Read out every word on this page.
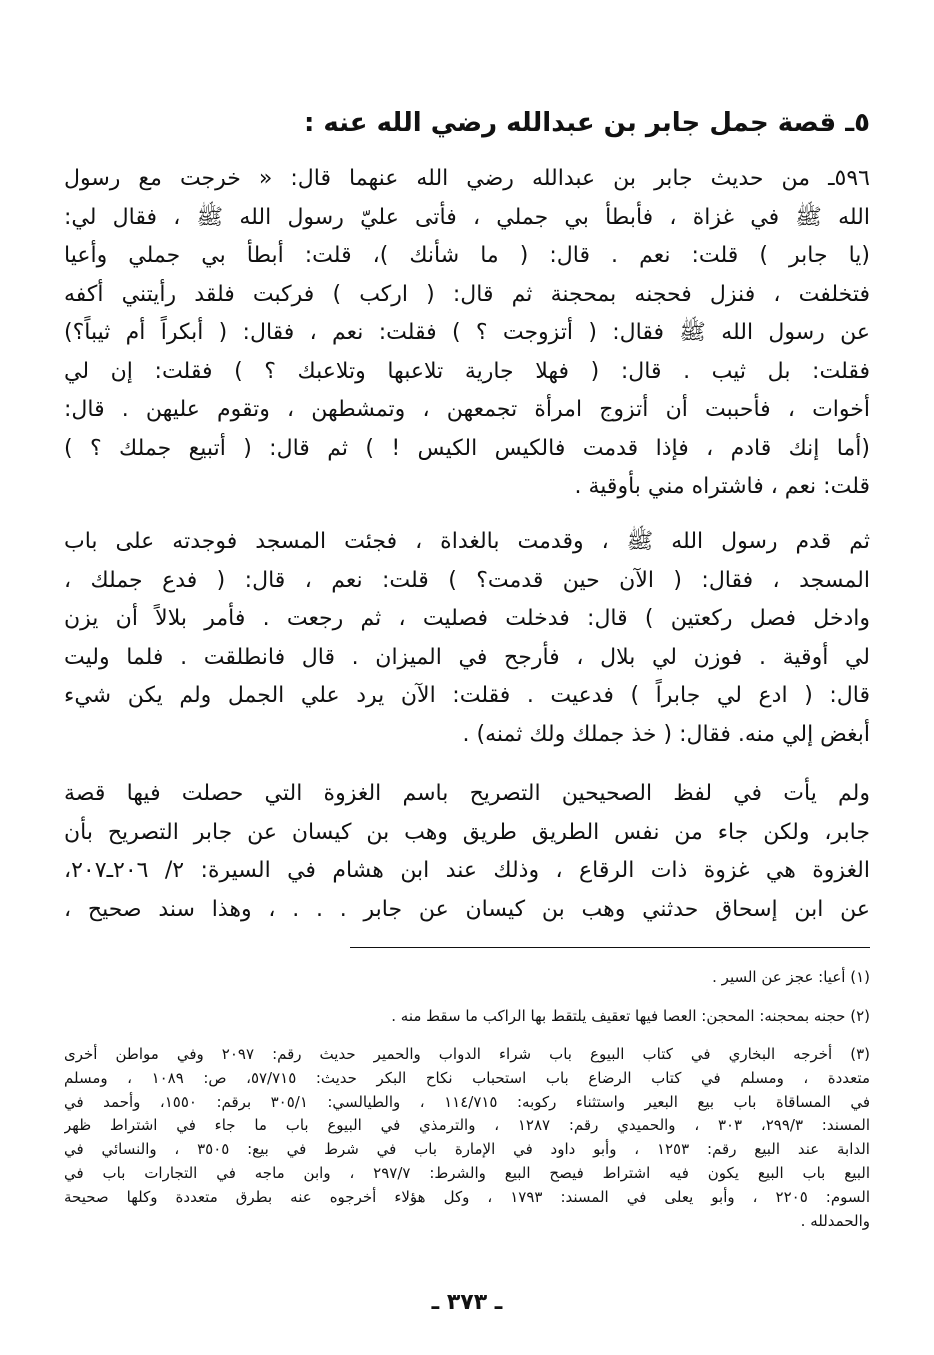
٥ـ قصة جمل جابر بن عبدالله رضي الله عنه :
٥٩٦ـ من حديث جابر بن عبدالله رضي الله عنهما قال: « خرجت مع رسول
الله ﷺ في غزاة ، فأبطأ بي جملي ، فأتى عليّ رسول الله ﷺ ، فقال لي:
(يا جابر ) قلت: نعم . قال: ( ما شأنك )، قلت: أبطأ بي جملي وأعيا
فتخلفت ، فنزل فحجنه بمحجنة ثم قال: ( اركب ) فركبت فلقد رأيتني أكفه
عن رسول الله ﷺ فقال: ( أتزوجت ؟ ) فقلت: نعم ، فقال: ( أبكراً أم ثيباً؟)
فقلت: بل ثيب . قال: ( فهلا جارية تلاعبها وتلاعبك ؟ ) فقلت: إن لي
أخوات ، فأحببت أن أتزوج امرأة تجمعهن ، وتمشطهن ، وتقوم عليهن . قال:
(أما إنك قادم ، فإذا قدمت فالكيس الكيس ! ) ثم قال: ( أتبيع جملك ؟ )
قلت: نعم ، فاشتراه مني بأوقية .
ثم قدم رسول الله ﷺ ، وقدمت بالغداة ، فجئت المسجد فوجدته على باب
المسجد ، فقال: ( الآن حين قدمت؟ ) قلت: نعم ، قال: ( فدع جملك ،
وادخل فصل ركعتين ) قال: فدخلت فصليت ، ثم رجعت . فأمر بلالاً أن يزن
لي أوقية . فوزن لي بلال ، فأرجح في الميزان . قال فانطلقت . فلما وليت
قال: ( ادع لي جابراً ) فدعيت . فقلت: الآن يرد علي الجمل ولم يكن شيء
أبغض إلي منه. فقال: ( خذ جملك ولك ثمنه) .
ولم يأت في لفظ الصحيحين التصريح باسم الغزوة التي حصلت فيها قصة
جابر، ولكن جاء من نفس الطريق طريق وهب بن كيسان عن جابر التصريح بأن
الغزوة هي غزوة ذات الرقاع ، وذلك عند ابن هشام في السيرة: ٢/ ٢٠٦ـ٢٠٧،
عن ابن إسحاق حدثني وهب بن كيسان عن جابر . . . ، وهذا سند صحيح ،
(١) أعيا: عجز عن السير .
(٢) حجنه بمحجنه: المحجن: العصا فيها تعقيف يلتقط بها الراكب ما سقط منه .
(٣) أخرجه البخاري في كتاب البيوع باب شراء الدواب والحمير حديث رقم: ٢٠٩٧ وفي مواطن أخرى
متعددة ، ومسلم في كتاب الرضاع باب استحباب نكاح البكر حديث: ٥٧/٧١٥، ص: ١٠٨٩ ، ومسلم
في المساقاة باب بيع البعير واستثناء ركوبه: ١١٤/٧١٥ ، والطيالسي: ٣٠٥/١ برقم: ١٥٥٠، وأحمد في
المسند: ٢٩٩/٣، ٣٠٣ ، والحميدي رقم: ١٢٨٧ ، والترمذي في البيوع باب ما جاء في اشتراط ظهر
الدابة عند البيع رقم: ١٢٥٣ ، وأبو داود في الإمارة باب في شرط في بيع: ٣٥٠٥ ، والنسائي في
البيع باب البيع يكون فيه اشتراط فيصح البيع والشرط: ٢٩٧/٧ ، وابن ماجه في التجارات باب في
السوم: ٢٢٠٥ ، وأبو يعلى في المسند: ١٧٩٣ ، وكل هؤلاء أخرجوه عنه بطرق متعددة وكلها صحيحة
والحمدلله .
ـ ٣٧٣ ـ
